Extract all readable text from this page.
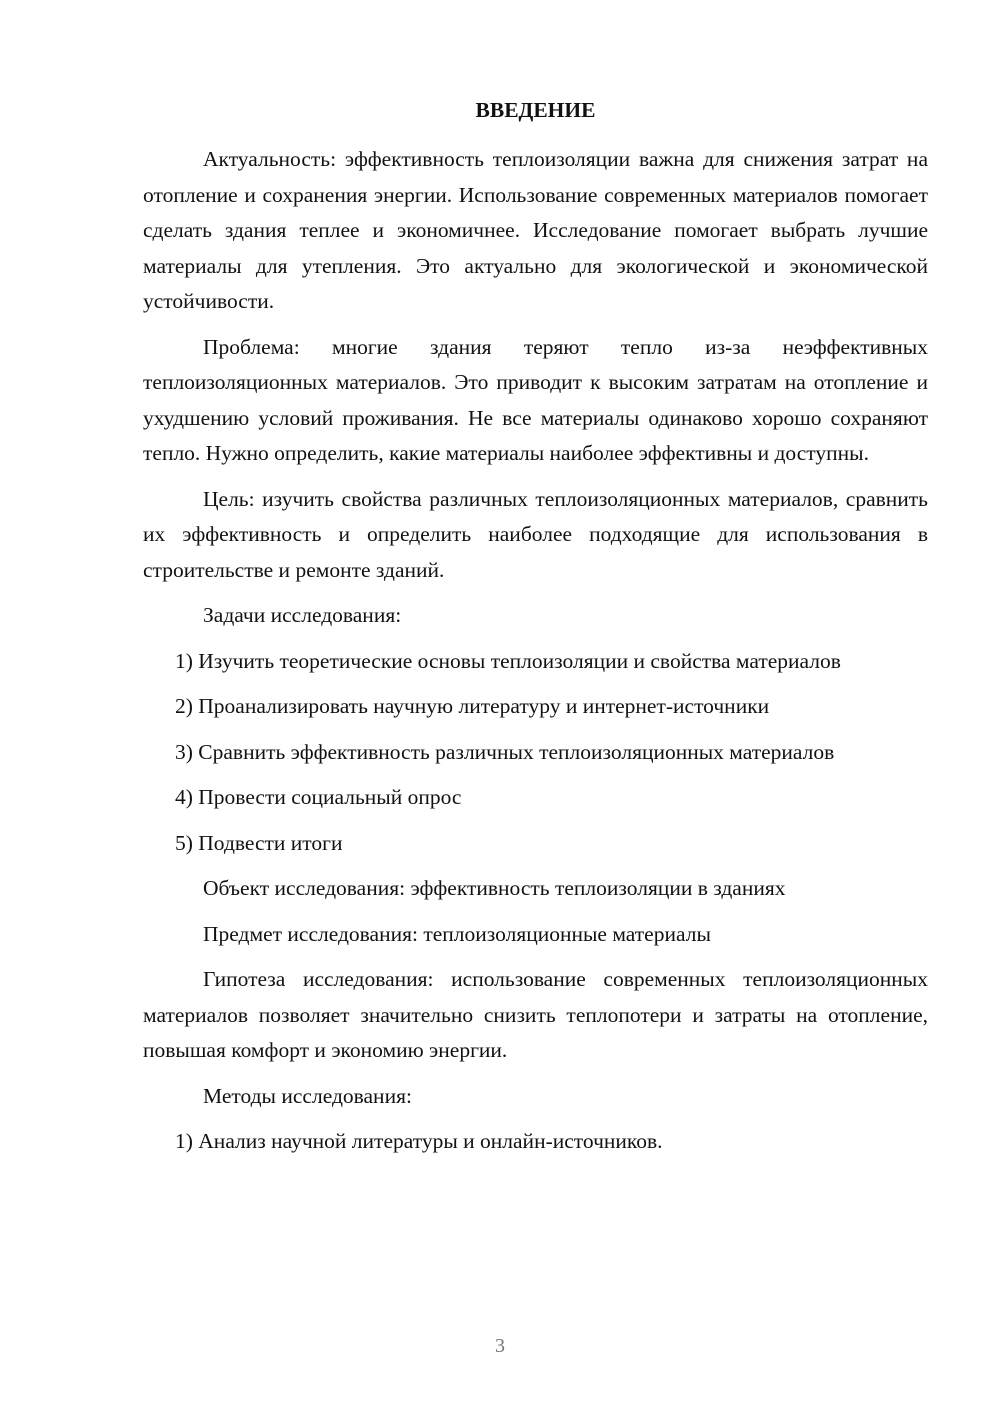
ВВЕДЕНИЕ

Актуальность: эффективность теплоизоляции важна для снижения затрат на отопление и сохранения энергии. Использование современных материалов помогает сделать здания теплее и экономичнее. Исследование помогает выбрать лучшие материалы для утепления. Это актуально для экологической и экономической устойчивости.

Проблема: многие здания теряют тепло из-за неэффективных теплоизоляционных материалов. Это приводит к высоким затратам на отопление и ухудшению условий проживания. Не все материалы одинаково хорошо сохраняют тепло. Нужно определить, какие материалы наиболее эффективны и доступны.

Цель: изучить свойства различных теплоизоляционных материалов, сравнить их эффективность и определить наиболее подходящие для использования в строительстве и ремонте зданий.

Задачи исследования:

1) Изучить теоретические основы теплоизоляции и свойства материалов

2) Проанализировать научную литературу и интернет-источники

3) Сравнить эффективность различных теплоизоляционных материалов

4) Провести социальный опрос

5) Подвести итоги

Объект исследования: эффективность теплоизоляции в зданиях

Предмет исследования: теплоизоляционные материалы

Гипотеза исследования: использование современных теплоизоляционных материалов позволяет значительно снизить теплопотери и затраты на отопление, повышая комфорт и экономию энергии.

Методы исследования:

1) Анализ научной литературы и онлайн-источников.

3
